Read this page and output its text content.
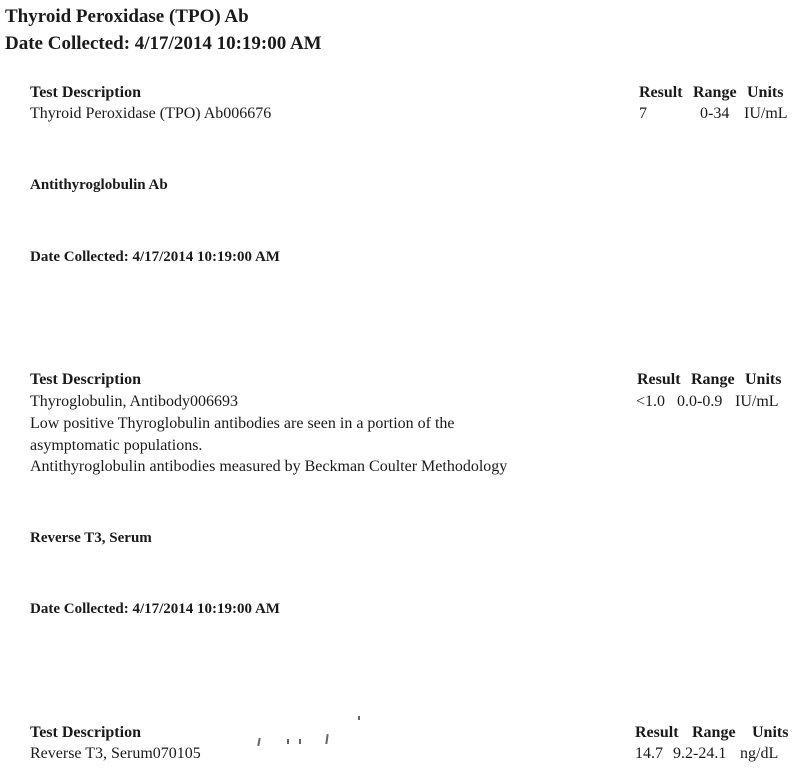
Thyroid Peroxidase (TPO) Ab
Date Collected: 4/17/2014 10:19:00 AM
Test Description	Result Range Units
Thyroid Peroxidase (TPO) Ab006676	7	0-34 IU/mL
Antithyroglobulin Ab
Date Collected: 4/17/2014 10:19:00 AM
Test Description	Result Range Units
Thyroglobulin, Antibody006693	<1.0 0.0-0.9 IU/mL
Low positive Thyroglobulin antibodies are seen in a portion of the
asymptomatic populations.
Antithyroglobulin antibodies measured by Beckman Coulter Methodology
Reverse T3, Serum
Date Collected: 4/17/2014 10:19:00 AM
Test Description	Result Range Units
Reverse T3, Serum070105	14.7 9.2-24.1 ng/dL
